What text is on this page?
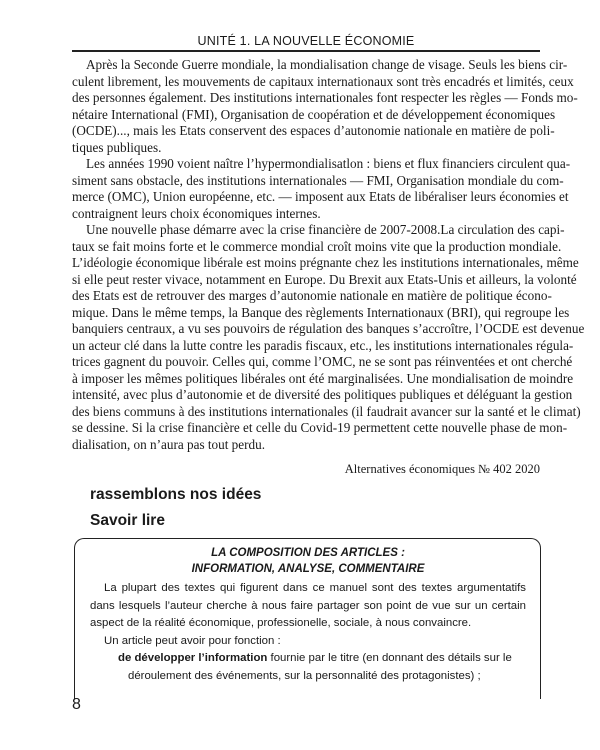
UNITÉ 1. LA NOUVELLE ÉCONOMIE
Après la Seconde Guerre mondiale, la mondialisation change de visage. Seuls les biens cir-
culent librement, les mouvements de capitaux internationaux sont très encadrés et limités, ceux
des personnes également. Des institutions internationales font respecter les règles — Fonds mo-
nétaire International (FMI), Organisation de coopération et de développement économiques
(OCDE)..., mais les Etats conservent des espaces d’autonomie nationale en matière de poli-
tiques publiques.
Les années 1990 voient naître l’hypermondialisatlon : biens et flux financiers circulent qua-
siment sans obstacle, des institutions internationales — FMI, Organisation mondiale du com-
merce (OMC), Union européenne, etc. — imposent aux Etats de libéraliser leurs économies et
contraignent leurs choix économiques internes.
Une nouvelle phase démarre avec la crise financière de 2007-2008.La circulation des capi-
taux se fait moins forte et le commerce mondial croît moins vite que la production mondiale.
L’idéologie économique libérale est moins prégnante chez les institutions internationales, même
si elle peut rester vivace, notamment en Europe. Du Brexit aux Etats-Unis et ailleurs, la volonté
des Etats est de retrouver des marges d’autonomie nationale en matière de politique écono-
mique. Dans le même temps, la Banque des règlements Internationaux (BRI), qui regroupe les
banquiers centraux, a vu ses pouvoirs de régulation des banques s’accroître, l’OCDE est devenue
un acteur clé dans la lutte contre les paradis fiscaux, etc., les institutions internationales régula-
trices gagnent du pouvoir. Celles qui, comme l’OMC, ne se sont pas réinventées et ont cherché
à imposer les mêmes politiques libérales ont été marginalisées. Une mondialisation de moindre
intensité, avec plus d’autonomie et de diversité des politiques publiques et déléguant la gestion
des biens communs à des institutions internationales (il faudrait avancer sur la santé et le climat)
se dessine. Si la crise financière et celle du Covid-19 permettent cette nouvelle phase de mon-
dialisation, on n’aura pas tout perdu.
Alternatives économiques № 402 2020
rassemblons nos idées
Savoir lire
LA COMPOSITION DES ARTICLES :
INFORMATION, ANALYSE, COMMENTAIRE
La plupart des textes qui figurent dans ce manuel sont des textes argumentatifs
dans lesquels l’auteur cherche à nous faire partager son point de vue sur un certain
aspect de la réalité économique, professionelle, sociale, à nous convaincre.
Un article peut avoir pour fonction :
de développer l’information fournie par le titre (en donnant des détails sur le
déroulement des événements, sur la personnalité des protagonistes) ;
8
